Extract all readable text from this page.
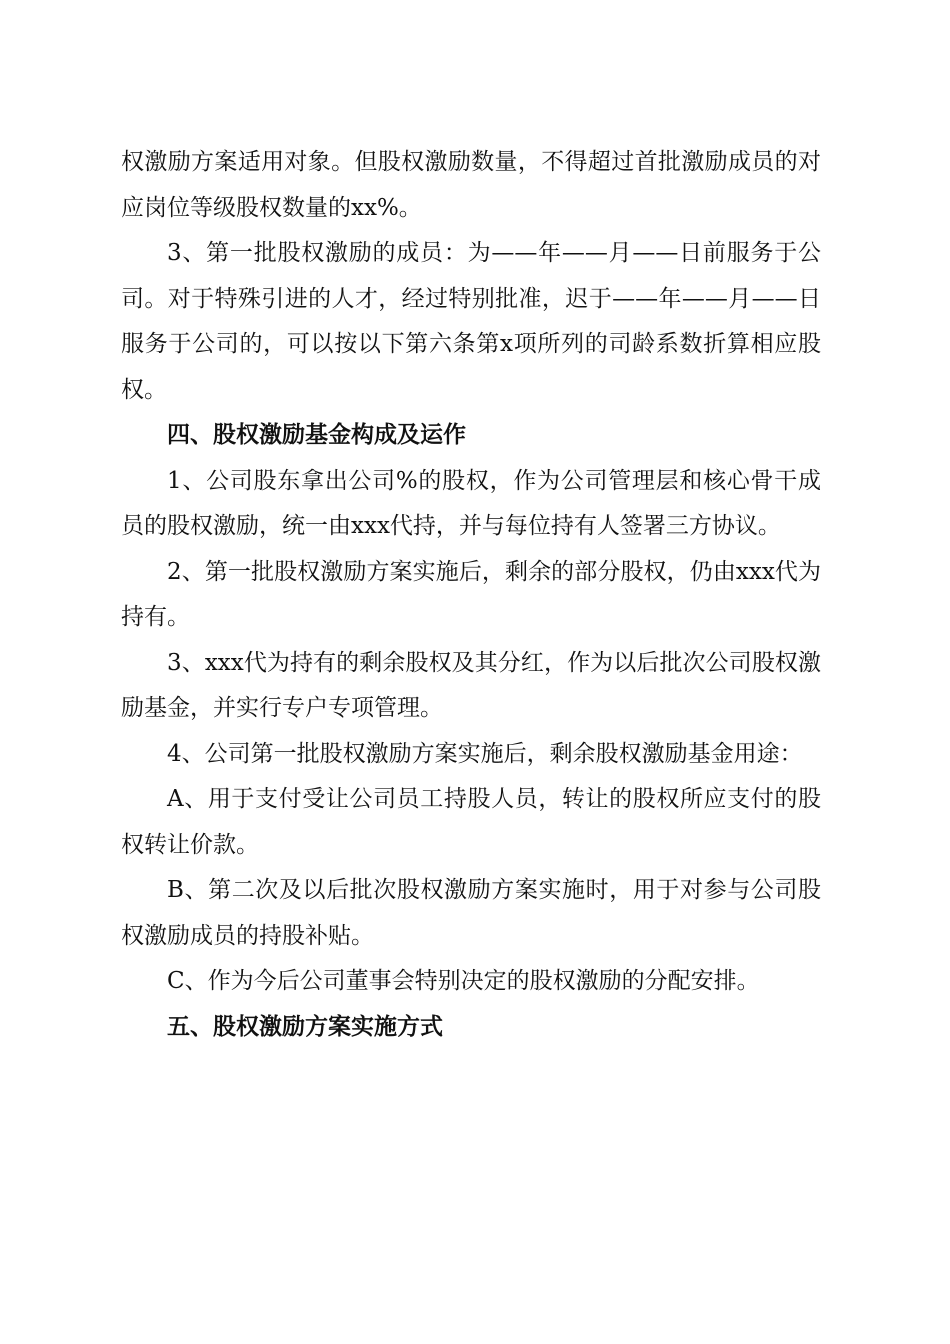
权激励方案适用对象。但股权激励数量，不得超过首批激励成员的对应岗位等级股权数量的xx%。

3、第一批股权激励的成员：为——年——月——日前服务于公司。对于特殊引进的人才，经过特别批准，迟于——年——月——日服务于公司的，可以按以下第六条第x项所列的司龄系数折算相应股权。

四、股权激励基金构成及运作

1、公司股东拿出公司%的股权，作为公司管理层和核心骨干成员的股权激励，统一由xxx代持，并与每位持有人签署三方协议。

2、第一批股权激励方案实施后，剩余的部分股权，仍由xxx代为持有。

3、xxx代为持有的剩余股权及其分红，作为以后批次公司股权激励基金，并实行专户专项管理。

4、公司第一批股权激励方案实施后，剩余股权激励基金用途：

A、用于支付受让公司员工持股人员，转让的股权所应支付的股权转让价款。

B、第二次及以后批次股权激励方案实施时，用于对参与公司股权激励成员的持股补贴。

C、作为今后公司董事会特别决定的股权激励的分配安排。

五、股权激励方案实施方式
